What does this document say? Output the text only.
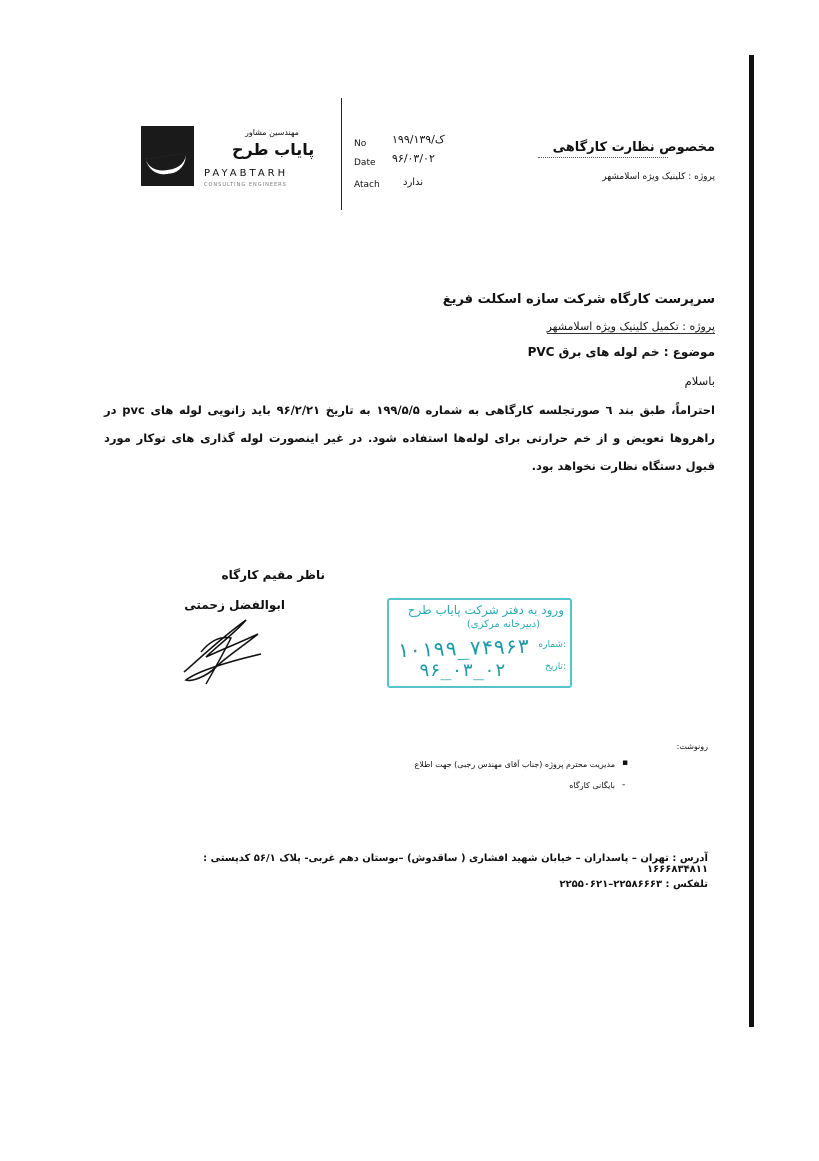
مهندسین مشاور
پایاب طرح
PAYABTARH
CONSULTING ENGINEERS
No ۱۹۹/ک/۱۳۹
Date ۹۶/۰۳/۰۲
Atach ندارد
مخصوص نظارت کارگاهی
پروژه : کلینیک ویژه اسلامشهر
سرپرست کارگاه شرکت سازه اسکلت فریغ
پروژه : تکمیل کلینیک ویژه اسلامشهر
موضوع : خم لوله های برق PVC
باسلام
احتراماً، طبق بند ٦ صورتجلسه کارگاهی به شماره ۱۹۹/۵/۵ به تاریخ ۹۶/۲/۲۱ باید زانویی لوله های pvc در راهروها تعویض و از خم حرارتی برای لوله‌ها استفاده شود. در غیر اینصورت لوله گذاری های توکار مورد قبول دستگاه نظارت نخواهد بود.
ناظر مقیم کارگاه
ابوالفضل زحمتی	ورود به دفتر شرکت پایاب طرح
(دبیرخانه مرکزی)
شماره:
تاریخ:
۱۰۱۹۹_۷۴۹۶۳
۹۶_۰۳_۰۲
رونوشت:
▪
مدیریت محترم پروژه (جناب آقای مهندس رجبی) جهت اطلاع
-
بایگانی کارگاه
آدرس : تهران – پاسداران – خیابان شهید افشاری ( ساقدوش) –بوستان دهم غربی- پلاک ۵۶/۱ کدپستی : ۱۶۶۶۸۳۴۸۱۱
تلفکس : ۲۲۵۸۶۶۶۳–۲۲۵۵۰۶۲۱
